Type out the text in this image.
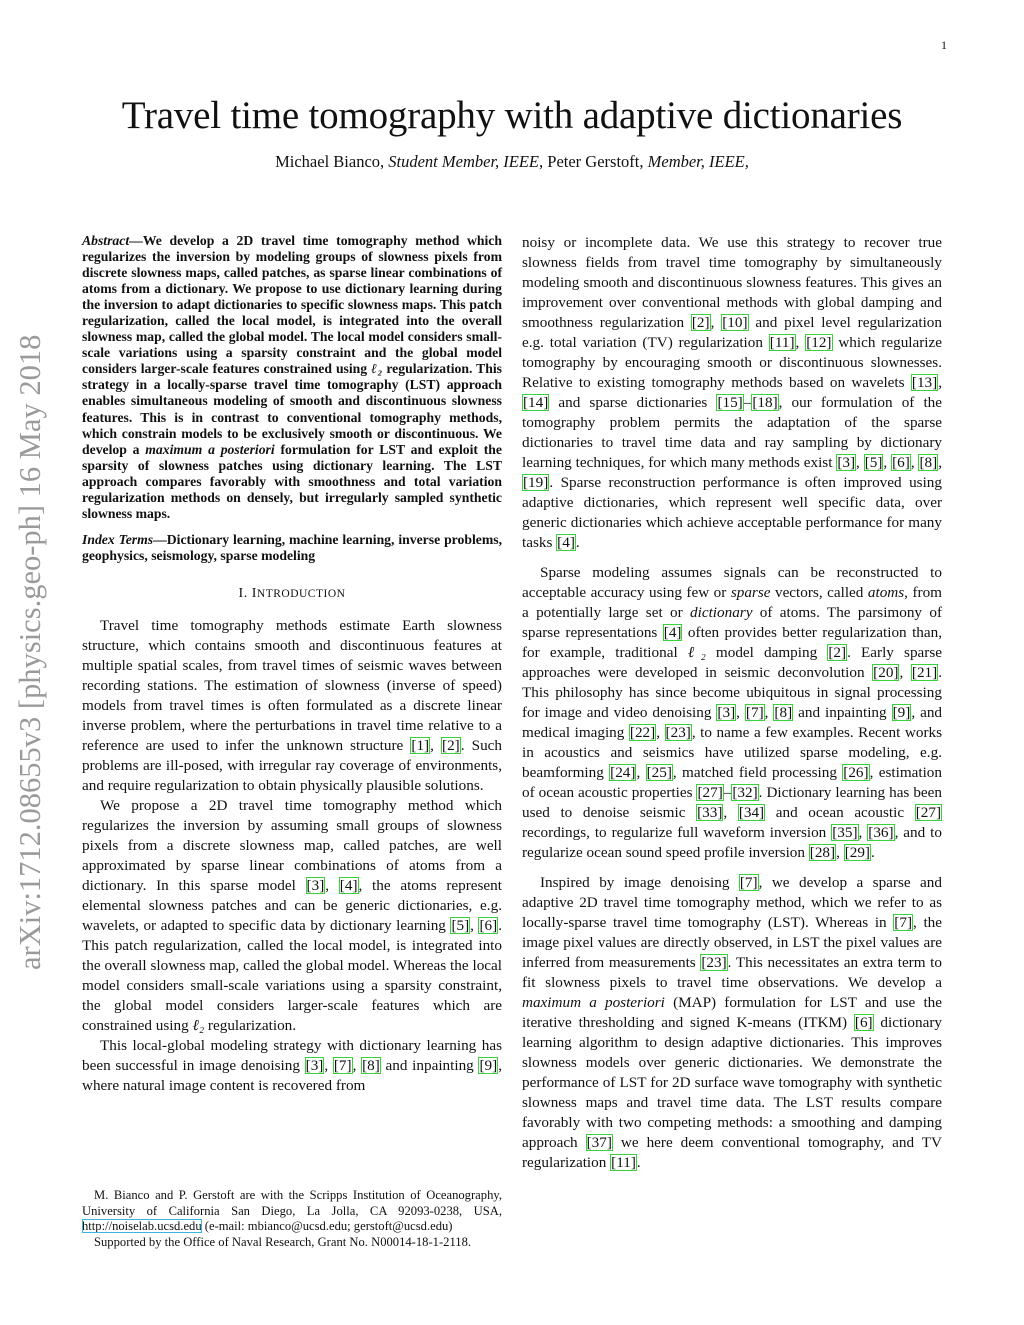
1
Travel time tomography with adaptive dictionaries
Michael Bianco, Student Member, IEEE, Peter Gerstoft, Member, IEEE,
arXiv:1712.08655v3 [physics.geo-ph] 16 May 2018

Abstract—We develop a 2D travel time tomography method which regularizes the inversion by modeling groups of slowness pixels from discrete slowness maps, called patches, as sparse linear combinations of atoms from a dictionary. We propose to use dictionary learning during the inversion to adapt dictionaries to specific slowness maps. This patch regularization, called the local model, is integrated into the overall slowness map, called the global model. The local model considers small-scale variations using a sparsity constraint and the global model considers larger-scale features constrained using ℓ₂ regularization. This strategy in a locally-sparse travel time tomography (LST) approach enables simultaneous modeling of smooth and discontinuous slowness features. This is in contrast to conventional tomography methods, which constrain models to be exclusively smooth or discontinuous. We develop a maximum a posteriori formulation for LST and exploit the sparsity of slowness patches using dictionary learning. The LST approach compares favorably with smoothness and total variation regularization methods on densely, but irregularly sampled synthetic slowness maps.

Index Terms—Dictionary learning, machine learning, inverse problems, geophysics, seismology, sparse modeling

I. INTRODUCTION

Travel time tomography methods estimate Earth slowness structure, which contains smooth and discontinuous features at multiple spatial scales, from travel times of seismic waves between recording stations. The estimation of slowness (inverse of speed) models from travel times is often formulated as a discrete linear inverse problem, where the perturbations in travel time relative to a reference are used to infer the unknown structure [1], [2]. Such problems are ill-posed, with irregular ray coverage of environments, and require regularization to obtain physically plausible solutions.

We propose a 2D travel time tomography method which regularizes the inversion by assuming small groups of slowness pixels from a discrete slowness map, called patches, are well approximated by sparse linear combinations of atoms from a dictionary. In this sparse model [3], [4], the atoms represent elemental slowness patches and can be generic dictionaries, e.g. wavelets, or adapted to specific data by dictionary learning [5], [6]. This patch regularization, called the local model, is integrated into the overall slowness map, called the global model. Whereas the local model considers small-scale variations using a sparsity constraint, the global model considers larger-scale features which are constrained using ℓ₂ regularization.

This local-global modeling strategy with dictionary learning has been successful in image denoising [3], [7], [8] and inpainting [9], where natural image content is recovered from

M. Bianco and P. Gerstoft are with the Scripps Institution of Oceanography, University of California San Diego, La Jolla, CA 92093-0238, USA, http://noiselab.ucsd.edu (e-mail: mbianco@ucsd.edu; gerstoft@ucsd.edu)

Supported by the Office of Naval Research, Grant No. N00014-18-1-2118.

noisy or incomplete data. We use this strategy to recover true slowness fields from travel time tomography by simultaneously modeling smooth and discontinuous slowness features. This gives an improvement over conventional methods with global damping and smoothness regularization [2], [10] and pixel level regularization e.g. total variation (TV) regularization [11], [12] which regularize tomography by encouraging smooth or discontinuous slownesses. Relative to existing tomography methods based on wavelets [13], [14] and sparse dictionaries [15]–[18], our formulation of the tomography problem permits the adaptation of the sparse dictionaries to travel time data and ray sampling by dictionary learning techniques, for which many methods exist [3], [5], [6], [8], [19]. Sparse reconstruction performance is often improved using adaptive dictionaries, which represent well specific data, over generic dictionaries which achieve acceptable performance for many tasks [4].

Sparse modeling assumes signals can be reconstructed to acceptable accuracy using few or sparse vectors, called atoms, from a potentially large set or dictionary of atoms. The parsimony of sparse representations [4] often provides better regularization than, for example, traditional ℓ₂ model damping [2]. Early sparse approaches were developed in seismic deconvolution [20], [21]. This philosophy has since become ubiquitous in signal processing for image and video denoising [3], [7], [8] and inpainting [9], and medical imaging [22], [23], to name a few examples. Recent works in acoustics and seismics have utilized sparse modeling, e.g. beamforming [24], [25], matched field processing [26], estimation of ocean acoustic properties [27]–[32]. Dictionary learning has been used to denoise seismic [33], [34] and ocean acoustic [27] recordings, to regularize full waveform inversion [35], [36], and to regularize ocean sound speed profile inversion [28], [29].

Inspired by image denoising [7], we develop a sparse and adaptive 2D travel time tomography method, which we refer to as locally-sparse travel time tomography (LST). Whereas in [7], the image pixel values are directly observed, in LST the pixel values are inferred from measurements [23]. This necessitates an extra term to fit slowness pixels to travel time observations. We develop a maximum a posteriori (MAP) formulation for LST and use the iterative thresholding and signed K-means (ITKM) [6] dictionary learning algorithm to design adaptive dictionaries. This improves slowness models over generic dictionaries. We demonstrate the performance of LST for 2D surface wave tomography with synthetic slowness maps and travel time data. The LST results compare favorably with two competing methods: a smoothing and damping approach [37] we here deem conventional tomography, and TV regularization [11].
